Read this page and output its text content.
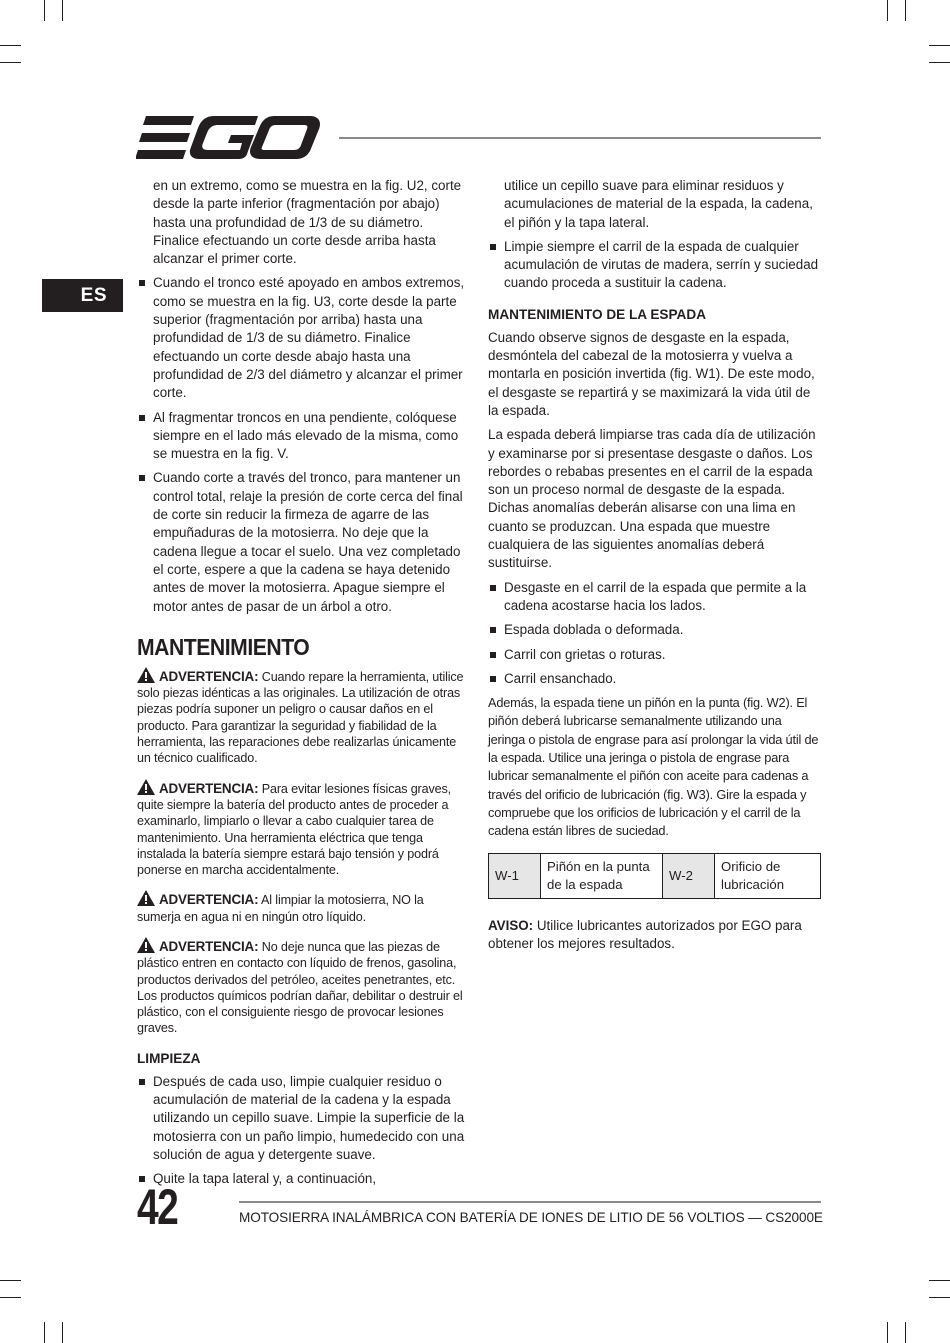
ES

en un extremo, como se muestra en la fig. U2, corte desde la parte inferior (fragmentación por abajo) hasta una profundidad de 1/3 de su diámetro. Finalice efectuando un corte desde arriba hasta alcanzar el primer corte.

Cuando el tronco esté apoyado en ambos extremos, como se muestra en la fig. U3, corte desde la parte superior (fragmentación por arriba) hasta una profundidad de 1/3 de su diámetro. Finalice efectuando un corte desde abajo hasta una profundidad de 2/3 del diámetro y alcanzar el primer corte.
Al fragmentar troncos en una pendiente, colóquese siempre en el lado más elevado de la misma, como se muestra en la fig. V.
Cuando corte a través del tronco, para mantener un control total, relaje la presión de corte cerca del final de corte sin reducir la firmeza de agarre de las empuñaduras de la motosierra. No deje que la cadena llegue a tocar el suelo. Una vez completado el corte, espere a que la cadena se haya detenido antes de mover la motosierra. Apague siempre el motor antes de pasar de un árbol a otro.
MANTENIMIENTO

ADVERTENCIA: Cuando repare la herramienta, utilice solo piezas idénticas a las originales. La utilización de otras piezas podría suponer un peligro o causar daños en el producto. Para garantizar la seguridad y fiabilidad de la herramienta, las reparaciones debe realizarlas únicamente un técnico cualificado.

ADVERTENCIA: Para evitar lesiones físicas graves, quite siempre la batería del producto antes de proceder a examinarlo, limpiarlo o llevar a cabo cualquier tarea de mantenimiento. Una herramienta eléctrica que tenga instalada la batería siempre estará bajo tensión y podrá ponerse en marcha accidentalmente.

ADVERTENCIA: Al limpiar la motosierra, NO la sumerja en agua ni en ningún otro líquido.

ADVERTENCIA: No deje nunca que las piezas de plástico entren en contacto con líquido de frenos, gasolina, productos derivados del petróleo, aceites penetrantes, etc. Los productos químicos podrían dañar, debilitar o destruir el plástico, con el consiguiente riesgo de provocar lesiones graves.

LIMPIEZA
Después de cada uso, limpie cualquier residuo o acumulación de material de la cadena y la espada utilizando un cepillo suave. Limpie la superficie de la motosierra con un paño limpio, humedecido con una solución de agua y detergente suave.
Quite la tapa lateral y, a continuación,
utilice un cepillo suave para eliminar residuos y acumulaciones de material de la espada, la cadena, el piñón y la tapa lateral.
Limpie siempre el carril de la espada de cualquier acumulación de virutas de madera, serrín y suciedad cuando proceda a sustituir la cadena.
MANTENIMIENTO DE LA ESPADA

Cuando observe signos de desgaste en la espada, desmóntela del cabezal de la motosierra y vuelva a montarla en posición invertida (fig. W1). De este modo, el desgaste se repartirá y se maximizará la vida útil de la espada.

La espada deberá limpiarse tras cada día de utilización y examinarse por si presentase desgaste o daños. Los rebordes o rebabas presentes en el carril de la espada son un proceso normal de desgaste de la espada. Dichas anomalías deberán alisarse con una lima en cuanto se produzcan. Una espada que muestre cualquiera de las siguientes anomalías deberá sustituirse.

Desgaste en el carril de la espada que permite a la cadena acostarse hacia los lados.
Espada doblada o deformada.
Carril con grietas o roturas.
Carril ensanchado.

Además, la espada tiene un piñón en la punta (fig. W2). El piñón deberá lubricarse semanalmente utilizando una jeringa o pistola de engrase para así prolongar la vida útil de la espada. Utilice una jeringa o pistola de engrase para lubricar semanalmente el piñón con aceite para cadenas a través del orificio de lubricación (fig. W3). Gire la espada y compruebe que los orificios de lubricación y el carril de la cadena están libres de suciedad.

W-1	Piñón en la punta de la espada	W-2	Orificio de lubricación

AVISO: Utilice lubricantes autorizados por EGO para obtener los mejores resultados.

42	MOTOSIERRA INALÁMBRICA CON BATERÍA DE IONES DE LITIO DE 56 VOLTIOS — CS2000E
